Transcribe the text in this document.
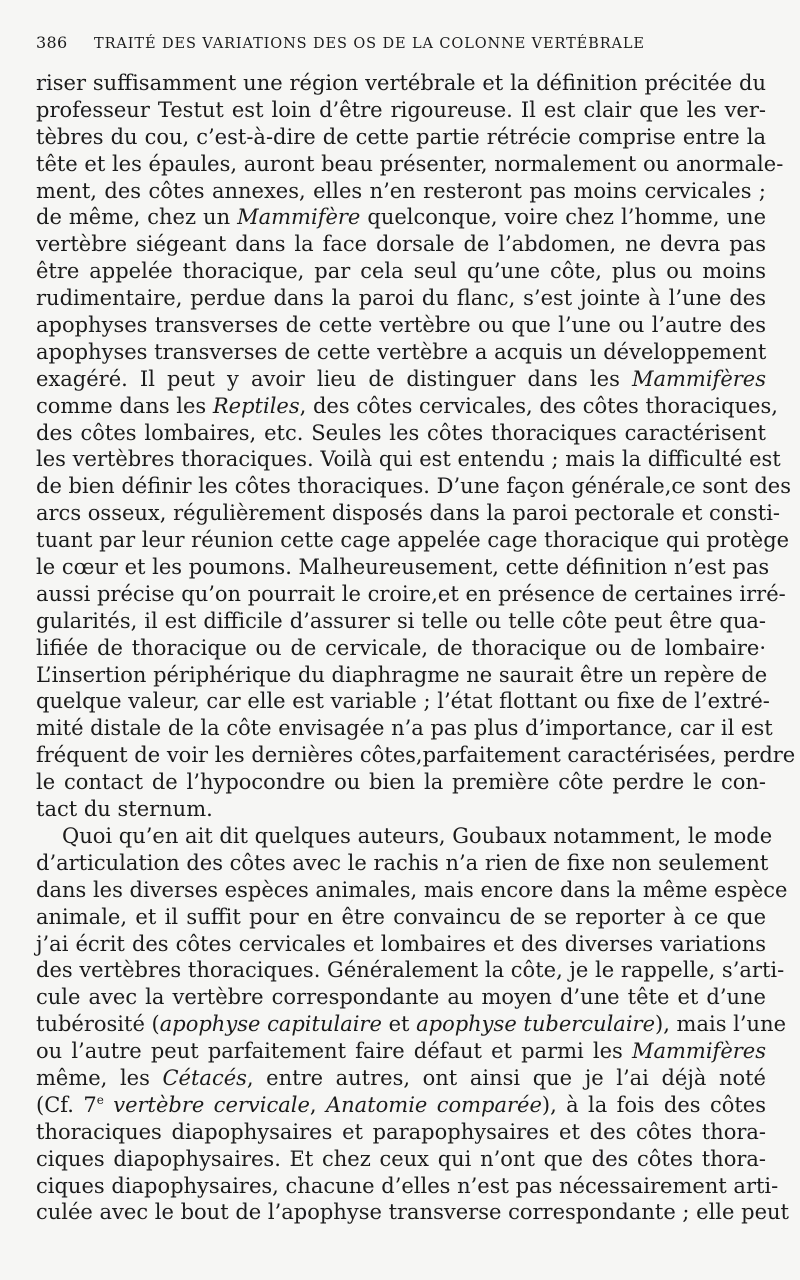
386	TRAITÉ DES VARIATIONS DES OS DE LA COLONNE VERTÉBRALE
riser suffisamment une région vertébrale et la définition précitée du
professeur Testut est loin d’être rigoureuse. Il est clair que les ver-
tèbres du cou, c’est-à-dire de cette partie rétrécie comprise entre la
tête et les épaules, auront beau présenter, normalement ou anormale-
ment, des côtes annexes, elles n’en resteront pas moins cervicales ;
de même, chez un Mammifère quelconque, voire chez l’homme, une
vertèbre siégeant dans la face dorsale de l’abdomen, ne devra pas
être appelée thoracique, par cela seul qu’une côte, plus ou moins
rudimentaire, perdue dans la paroi du flanc, s’est jointe à l’une des
apophyses transverses de cette vertèbre ou que l’une ou l’autre des
apophyses transverses de cette vertèbre a acquis un développement
exagéré. Il peut y avoir lieu de distinguer dans les Mammifères
comme dans les Reptiles, des côtes cervicales, des côtes thoraciques,
des côtes lombaires, etc. Seules les côtes thoraciques caractérisent
les vertèbres thoraciques. Voilà qui est entendu ; mais la difficulté est
de bien définir les côtes thoraciques. D’une façon générale,ce sont des
arcs osseux, régulièrement disposés dans la paroi pectorale et consti-
tuant par leur réunion cette cage appelée cage thoracique qui protège
le cœur et les poumons. Malheureusement, cette définition n’est pas
aussi précise qu’on pourrait le croire,et en présence de certaines irré-
gularités, il est difficile d’assurer si telle ou telle côte peut être qua-
lifiée de thoracique ou de cervicale, de thoracique ou de lombaire·
L’insertion périphérique du diaphragme ne saurait être un repère de
quelque valeur, car elle est variable ; l’état flottant ou fixe de l’extré-
mité distale de la côte envisagée n’a pas plus d’importance, car il est
fréquent de voir les dernières côtes,parfaitement caractérisées, perdre
le contact de l’hypocondre ou bien la première côte perdre le con-
tact du sternum.
Quoi qu’en ait dit quelques auteurs, Goubaux notamment, le mode
d’articulation des côtes avec le rachis n’a rien de fixe non seulement
dans les diverses espèces animales, mais encore dans la même espèce
animale, et il suffit pour en être convaincu de se reporter à ce que
j’ai écrit des côtes cervicales et lombaires et des diverses variations
des vertèbres thoraciques. Généralement la côte, je le rappelle, s’arti-
cule avec la vertèbre correspondante au moyen d’une tête et d’une
tubérosité (apophyse capitulaire et apophyse tuberculaire), mais l’une
ou l’autre peut parfaitement faire défaut et parmi les Mammifères
même, les Cétacés, entre autres, ont ainsi que je l’ai déjà noté
(Cf. 7e vertèbre cervicale, Anatomie comparée), à la fois des côtes
thoraciques diapophysaires et parapophysaires et des côtes thora-
ciques diapophysaires. Et chez ceux qui n’ont que des côtes thora-
ciques diapophysaires, chacune d’elles n’est pas nécessairement arti-
culée avec le bout de l’apophyse transverse correspondante ; elle peut
